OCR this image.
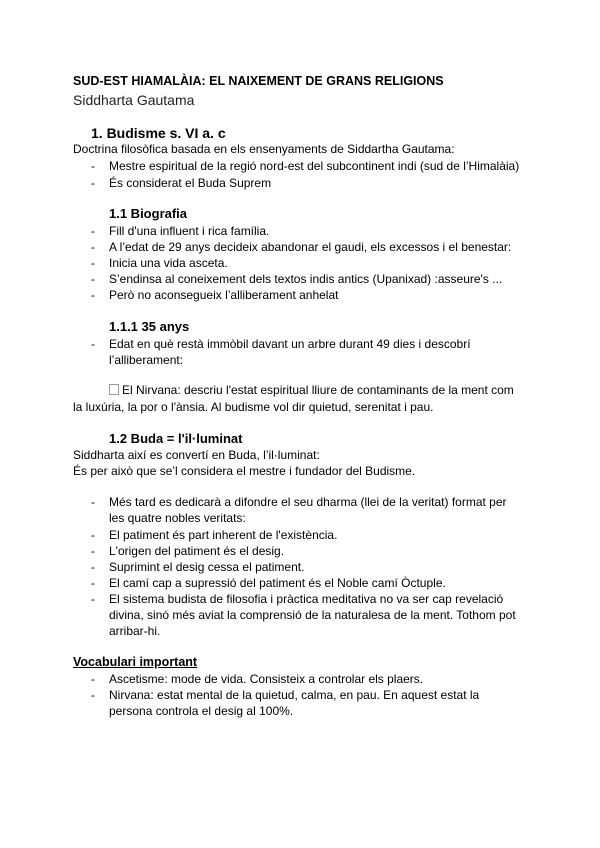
SUD-EST HIAMALÀIA: EL NAIXEMENT DE GRANS RELIGIONS
Siddharta Gautama
1. Budisme s. VI a. c
Doctrina filosòfica basada en els ensenyaments de Siddartha Gautama:
- Mestre espiritual de la regió nord-est del subcontinent indi (sud de l’Himalàia)
- És considerat el Buda Suprem
1.1 Biografia
- Fill d'una influent i rica família.
- A l’edat de 29 anys decideix abandonar el gaudi, els excessos i el benestar:
- Inicia una vida asceta.
- S’endinsa al coneixement dels textos indis antics (Upanixad) :asseure's ...
- Però no aconsegueix l’alliberament anhelat
1.1.1 35 anys
- Edat en què restà immòbil davant un arbre durant 49 dies i descobrí
l’alliberament:
El Nirvana: descriu l'estat espiritual lliure de contaminants de la ment com
la luxúria, la por o l'ànsia. Al budisme vol dir quietud, serenitat i pau.
1.2 Buda = l'il·luminat
Siddharta així es convertí en Buda, l’il·luminat:
És per això que se’l considera el mestre i fundador del Budisme.
- Més tard es dedicarà a difondre el seu dharma (llei de la veritat) format per
les quatre nobles veritats:
- El patiment és part inherent de l'existència.
- L'origen del patiment és el desig.
- Suprimint el desig cessa el patiment.
- El camí cap a supressió del patiment és el Noble camí Òctuple.
- El sistema budista de filosofia i pràctica meditativa no va ser cap revelació
divina, sinó més aviat la comprensió de la naturalesa de la ment. Tothom pot
arribar-hi.
Vocabulari important
- Ascetisme: mode de vida. Consisteix a controlar els plaers.
- Nirvana: estat mental de la quietud, calma, en pau. En aquest estat la
persona controla el desig al 100%.
